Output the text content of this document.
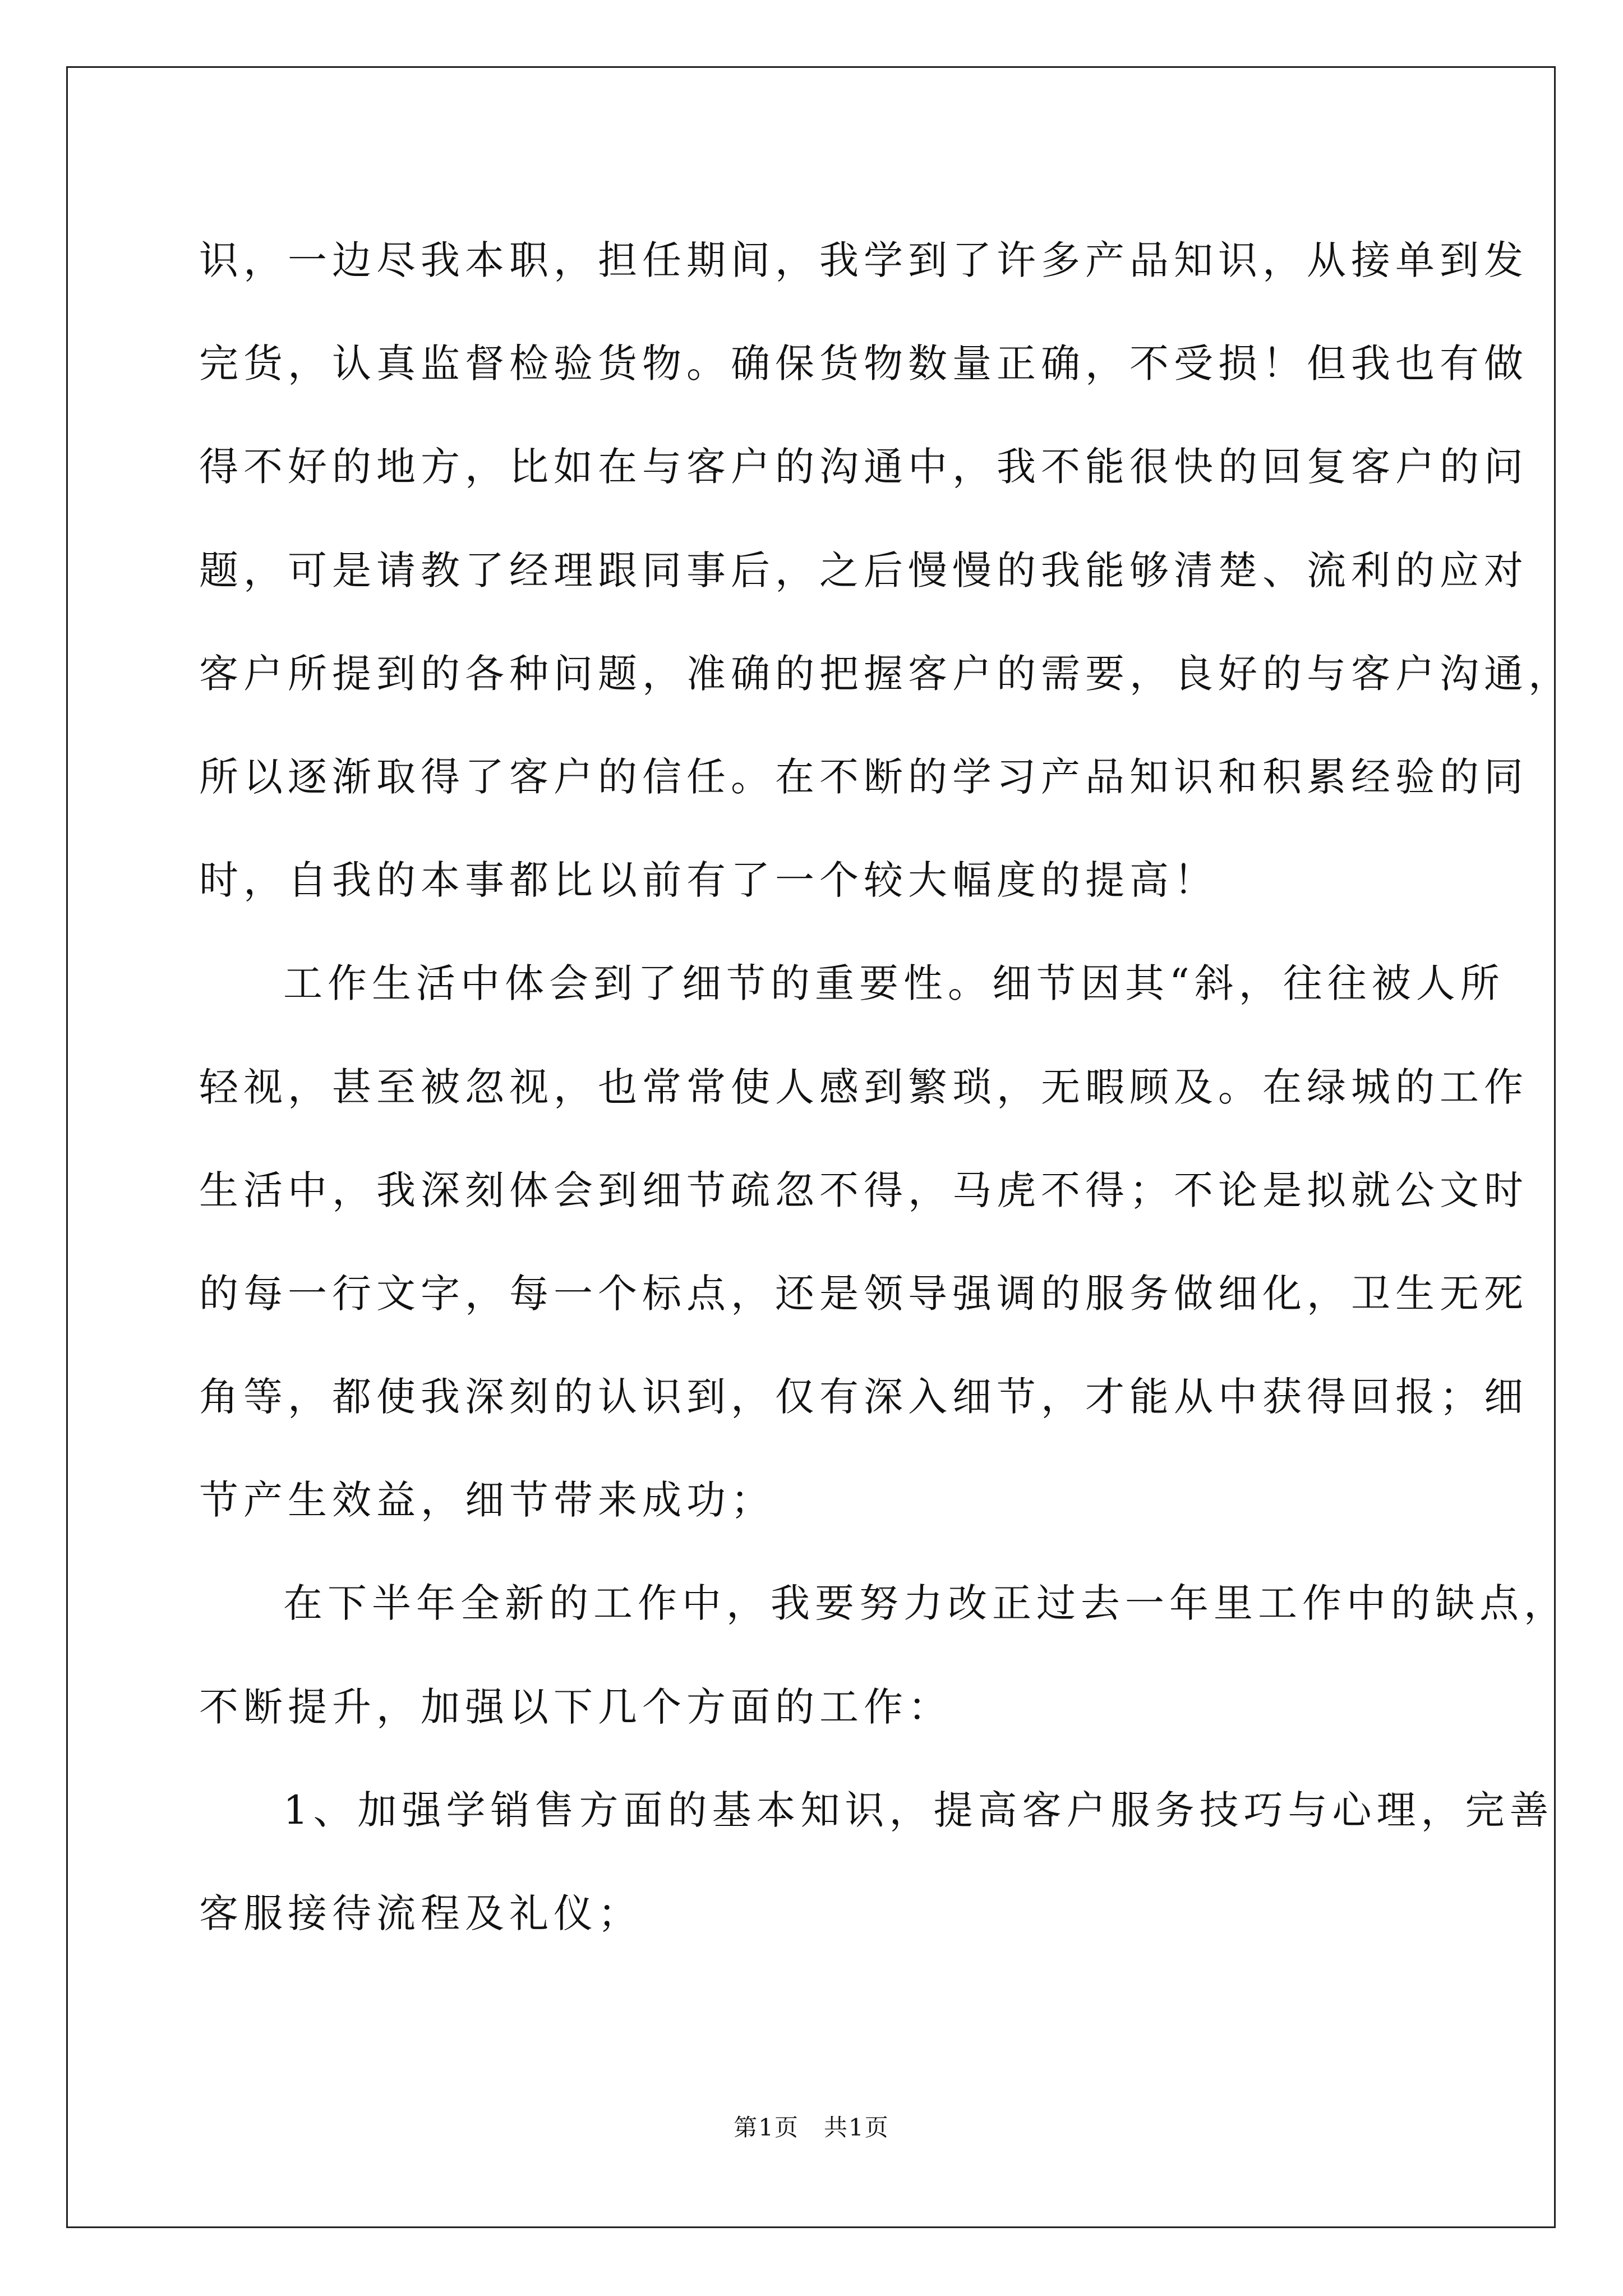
识，一边尽我本职，担任期间，我学到了许多产品知识，从接单到发
完货，认真监督检验货物。确保货物数量正确，不受损！但我也有做
得不好的地方，比如在与客户的沟通中，我不能很快的回复客户的问
题，可是请教了经理跟同事后，之后慢慢的我能够清楚、流利的应对
客户所提到的各种问题，准确的把握客户的需要，良好的与客户沟通，
所以逐渐取得了客户的信任。在不断的学习产品知识和积累经验的同
时，自我的本事都比以前有了一个较大幅度的提高！
工作生活中体会到了细节的重要性。细节因其“斜，往往被人所
轻视，甚至被忽视，也常常使人感到繁琐，无暇顾及。在绿城的工作
生活中，我深刻体会到细节疏忽不得，马虎不得；不论是拟就公文时
的每一行文字，每一个标点，还是领导强调的服务做细化，卫生无死
角等，都使我深刻的认识到，仅有深入细节，才能从中获得回报；细
节产生效益，细节带来成功；
在下半年全新的工作中，我要努力改正过去一年里工作中的缺点，
不断提升，加强以下几个方面的工作：
1、加强学销售方面的基本知识，提高客户服务技巧与心理，完善
客服接待流程及礼仪；
第1页　共1页
